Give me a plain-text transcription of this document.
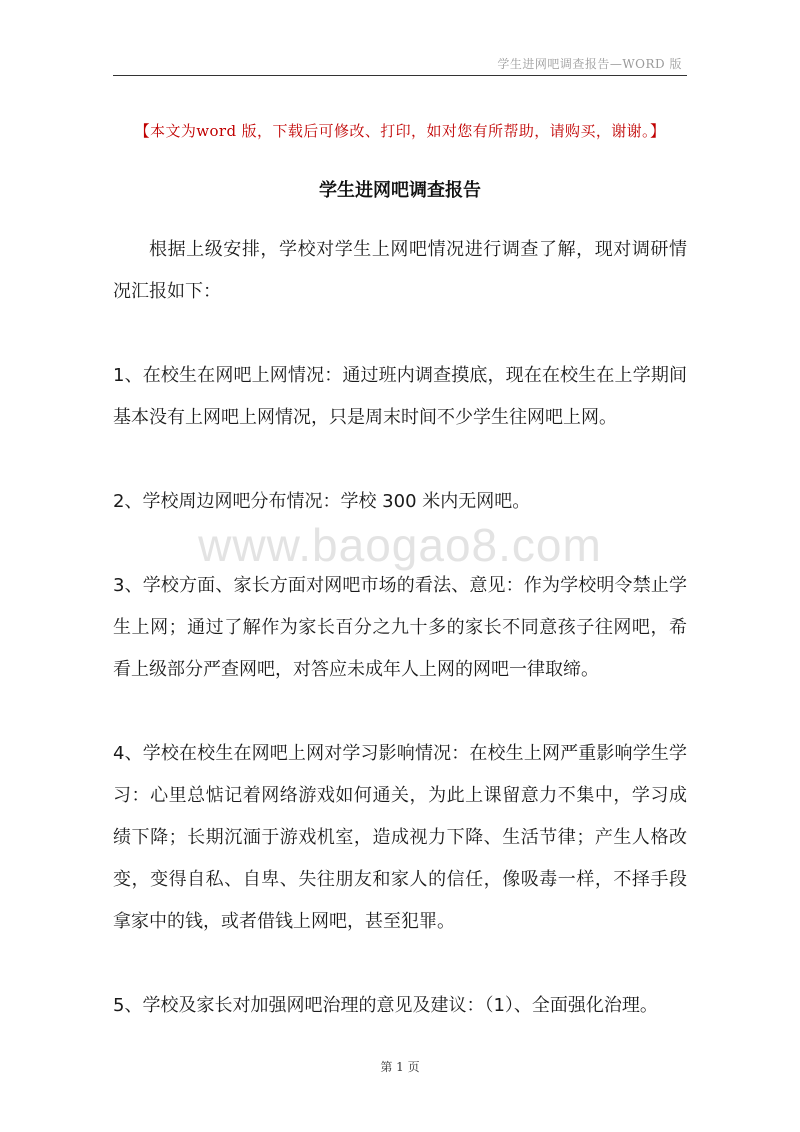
学生进网吧调查报告—WORD 版
【本文为word 版，下载后可修改、打印，如对您有所帮助，请购买，谢谢。】
学生进网吧调查报告
根据上级安排，学校对学生上网吧情况进行调查了解，现对调研情况汇报如下：
1、在校生在网吧上网情况：通过班内调查摸底，现在在校生在上学期间基本没有上网吧上网情况，只是周末时间不少学生往网吧上网。
2、学校周边网吧分布情况：学校 300 米内无网吧。
3、学校方面、家长方面对网吧市场的看法、意见：作为学校明令禁止学生上网；通过了解作为家长百分之九十多的家长不同意孩子往网吧，希看上级部分严查网吧，对答应未成年人上网的网吧一律取缔。
4、学校在校生在网吧上网对学习影响情况：在校生上网严重影响学生学习：心里总惦记着网络游戏如何通关，为此上课留意力不集中，学习成绩下降；长期沉湎于游戏机室，造成视力下降、生活节律；产生人格改变，变得自私、自卑、失往朋友和家人的信任，像吸毒一样，不择手段拿家中的钱，或者借钱上网吧，甚至犯罪。
5、学校及家长对加强网吧治理的意见及建议：（1）、全面强化治理。
www.baogao8.com
第 1 页
